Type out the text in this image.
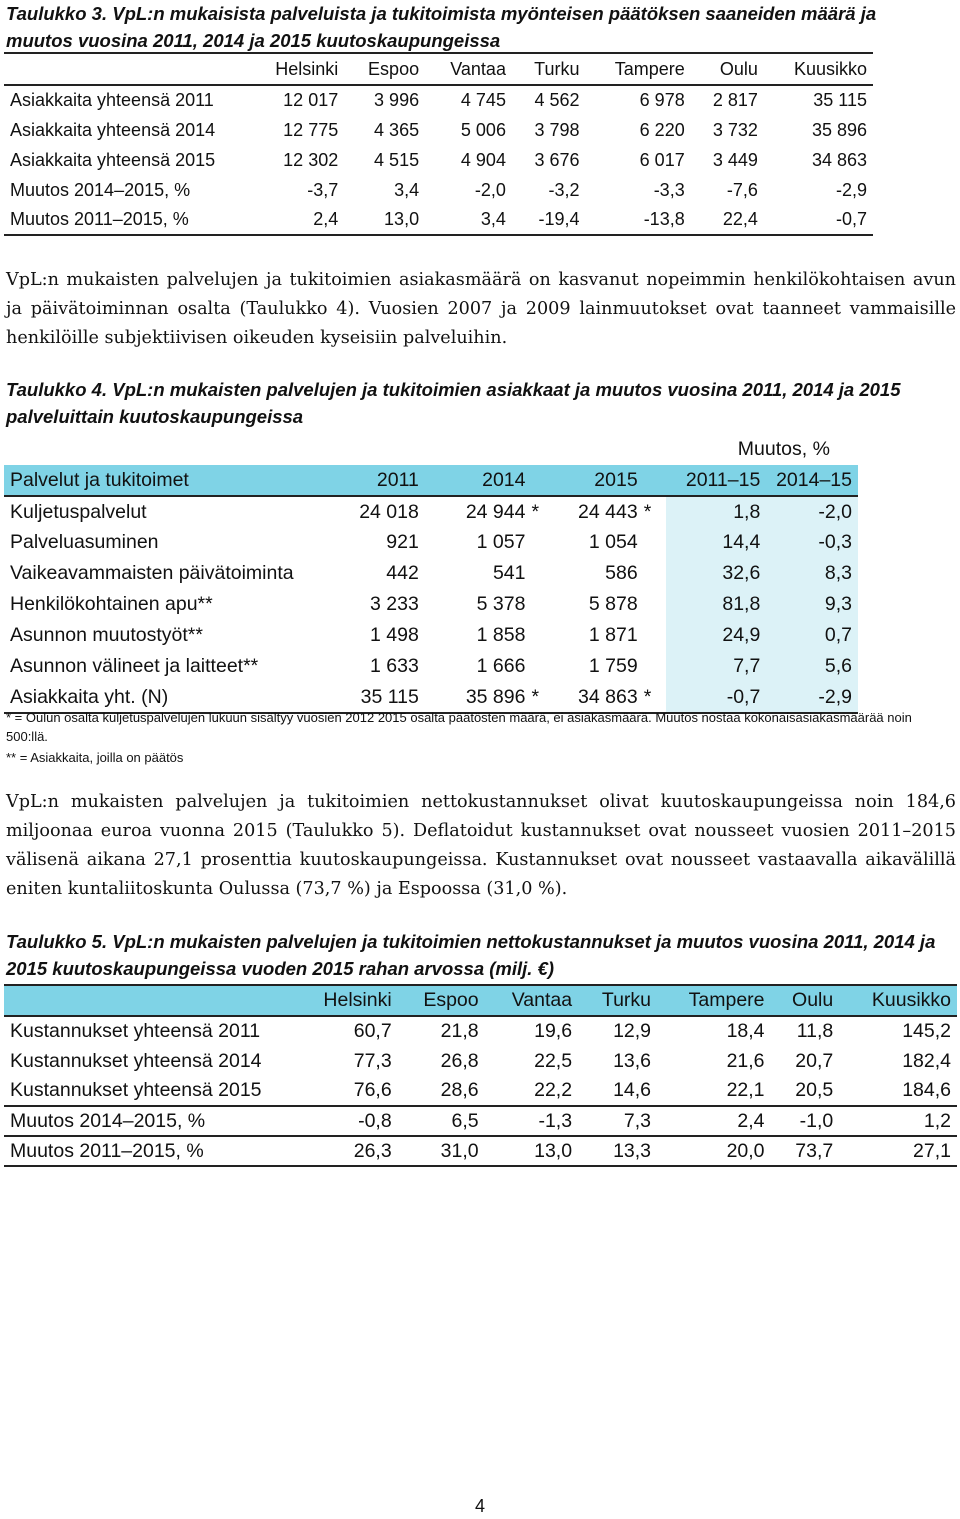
Taulukko 3. VpL:n mukaisista palveluista ja tukitoimista myönteisen päätöksen saaneiden määrä ja muutos vuosina 2011, 2014 ja 2015 kuutoskaupungeissa
	Helsinki	Espoo	Vantaa	Turku	Tampere	Oulu	Kuusikko
Asiakkaita yhteensä 2011	12 017	3 996	4 745	4 562	6 978	2 817	35 115
Asiakkaita yhteensä 2014	12 775	4 365	5 006	3 798	6 220	3 732	35 896
Asiakkaita yhteensä 2015	12 302	4 515	4 904	3 676	6 017	3 449	34 863
Muutos 2014–2015, %	-3,7	3,4	-2,0	-3,2	-3,3	-7,6	-2,9
Muutos 2011–2015, %	2,4	13,0	3,4	-19,4	-13,8	22,4	-0,7
VpL:n mukaisten palvelujen ja tukitoimien asiakasmäärä on kasvanut nopeimmin henkilökohtaisen avun ja päivätoiminnan osalta (Taulukko 4). Vuosien 2007 ja 2009 lainmuutokset ovat taanneet vammaisille henkilöille subjektiivisen oikeuden kyseisiin palveluihin.
Taulukko 4. VpL:n mukaisten palvelujen ja tukitoimien asiakkaat ja muutos vuosina 2011, 2014 ja 2015 palveluittain kuutoskaupungeissa
				Muutos, %	
Palvelut ja tukitoimet	2011	2014	2015	2011–15	2014–15
Kuljetuspalvelut	24 018	24 944 *	24 443 *	1,8	-2,0
Palveluasuminen	921	1 057	1 054	14,4	-0,3
Vaikeavammaisten päivätoiminta	442	541	586	32,6	8,3
Henkilökohtainen apu**	3 233	5 378	5 878	81,8	9,3
Asunnon muutostyöt**	1 498	1 858	1 871	24,9	0,7
Asunnon välineet ja laitteet**	1 633	1 666	1 759	7,7	5,6
Asiakkaita yht. (N)	35 115	35 896 *	34 863 *	-0,7	-2,9
* = Oulun osalta kuljetuspalvelujen lukuun sisältyy vuosien 2012 2015 osalta päätösten määrä, ei asiakasmäärä. Muutos nostaa kokonaisasiakasmäärää noin 500:llä.
** = Asiakkaita, joilla on päätös
VpL:n mukaisten palvelujen ja tukitoimien nettokustannukset olivat kuutoskaupungeissa noin 184,6 miljoonaa euroa vuonna 2015 (Taulukko 5). Deflatoidut kustannukset ovat nousseet vuosien 2011–2015 välisenä aikana 27,1 prosenttia kuutoskaupungeissa. Kustannukset ovat nousseet vastaavalla aikavälillä eniten kuntaliitoskunta Oulussa (73,7 %) ja Espoossa (31,0 %).
Taulukko 5. VpL:n mukaisten palvelujen ja tukitoimien nettokustannukset ja muutos vuosina 2011, 2014 ja 2015 kuutoskaupungeissa vuoden 2015 rahan arvossa (milj. €)
	Helsinki	Espoo	Vantaa	Turku	Tampere	Oulu	Kuusikko
Kustannukset yhteensä 2011	60,7	21,8	19,6	12,9	18,4	11,8	145,2
Kustannukset yhteensä 2014	77,3	26,8	22,5	13,6	21,6	20,7	182,4
Kustannukset yhteensä 2015	76,6	28,6	22,2	14,6	22,1	20,5	184,6
Muutos 2014–2015, %	-0,8	6,5	-1,3	7,3	2,4	-1,0	1,2
Muutos 2011–2015, %	26,3	31,0	13,0	13,3	20,0	73,7	27,1
4
